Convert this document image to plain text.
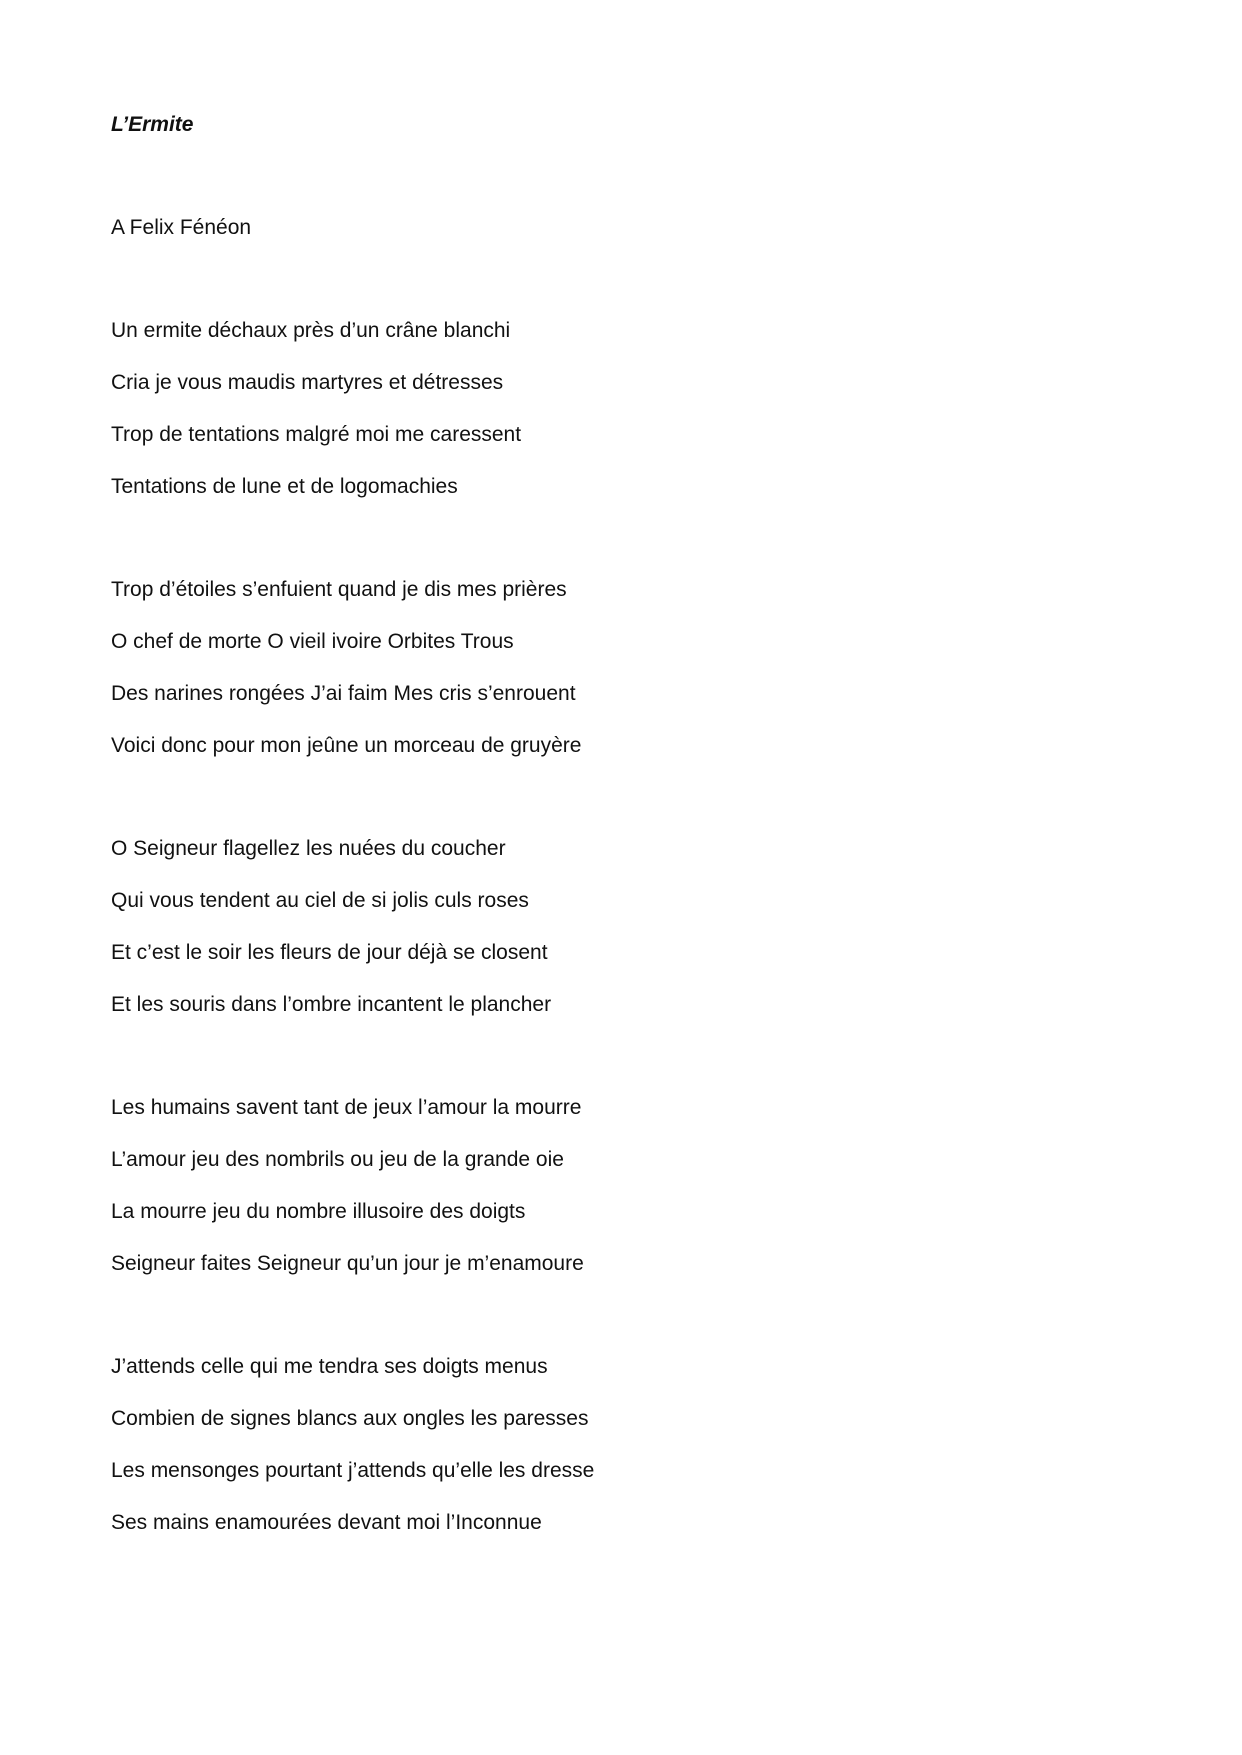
L’Ermite
A Felix Fénéon
Un ermite déchaux près d’un crâne blanchi
Cria je vous maudis martyres et détresses
Trop de tentations malgré moi me caressent
Tentations de lune et de logomachies
Trop d’étoiles s’enfuient quand je dis mes prières
O chef de morte O vieil ivoire Orbites Trous
Des narines rongées J’ai faim Mes cris s’enrouent
Voici donc pour mon jeûne un morceau de gruyère
O Seigneur flagellez les nuées du coucher
Qui vous tendent au ciel de si jolis culs roses
Et c’est le soir les fleurs de jour déjà se closent
Et les souris dans l’ombre incantent le plancher
Les humains savent tant de jeux l’amour la mourre
L’amour jeu des nombrils ou jeu de la grande oie
La mourre jeu du nombre illusoire des doigts
Seigneur faites Seigneur qu’un jour je m’enamoure
J’attends celle qui me tendra ses doigts menus
Combien de signes blancs aux ongles les paresses
Les mensonges pourtant j’attends qu’elle les dresse
Ses mains enamourées devant moi l’Inconnue
